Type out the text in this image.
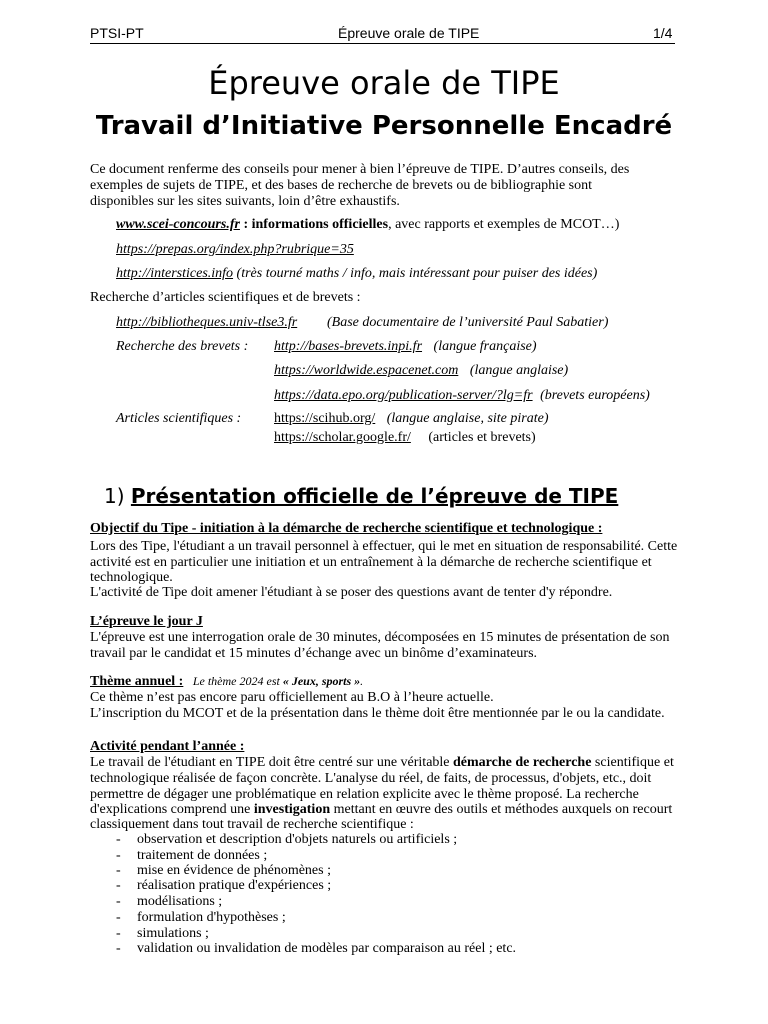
PTSI-PT	Épreuve orale de TIPE	1/4
Épreuve orale de TIPE
Travail d’Initiative Personnelle Encadré
Ce document renferme des conseils pour mener à bien l’épreuve de TIPE. D’autres conseils, des
exemples de sujets de TIPE, et des bases de recherche de brevets ou de bibliographie sont
disponibles sur les sites suivants, loin d’être exhaustifs.
www.scei-concours.fr : informations officielles, avec rapports et exemples de MCOT…)
https://prepas.org/index.php?rubrique=35
http://interstices.info (très tourné maths / info, mais intéressant pour puiser des idées)
Recherche d’articles scientifiques et de brevets :
http://bibliotheques.univ-tlse3.fr (Base documentaire de l’université Paul Sabatier)
Recherche des brevets : http://bases-brevets.inpi.fr (langue française)
https://worldwide.espacenet.com (langue anglaise)
https://data.epo.org/publication-server/?lg=fr (brevets européens)
Articles scientifiques : https://scihub.org/ (langue anglaise, site pirate)
https://scholar.google.fr/ (articles et brevets)
1) Présentation officielle de l’épreuve de TIPE
Objectif du Tipe - initiation à la démarche de recherche scientifique et technologique :
Lors des Tipe, l'étudiant a un travail personnel à effectuer, qui le met en situation de responsabilité. Cette
activité est en particulier une initiation et un entraînement à la démarche de recherche scientifique et
technologique.
L'activité de Tipe doit amener l'étudiant à se poser des questions avant de tenter d'y répondre.
L’épreuve le jour J
L'épreuve est une interrogation orale de 30 minutes, décomposées en 15 minutes de présentation de son
travail par le candidat et 15 minutes d’échange avec un binôme d’examinateurs.
Thème annuel : Le thème 2024 est « Jeux, sports ».
Ce thème n’est pas encore paru officiellement au B.O à l’heure actuelle.
L’inscription du MCOT et de la présentation dans le thème doit être mentionnée par le ou la candidate.
Activité pendant l’année :
Le travail de l'étudiant en TIPE doit être centré sur une véritable démarche de recherche scientifique et
technologique réalisée de façon concrète. L'analyse du réel, de faits, de processus, d'objets, etc., doit
permettre de dégager une problématique en relation explicite avec le thème proposé. La recherche
d'explications comprend une investigation mettant en œuvre des outils et méthodes auxquels on recourt
classiquement dans tout travail de recherche scientifique :
- observation et description d'objets naturels ou artificiels ;
- traitement de données ;
- mise en évidence de phénomènes ;
- réalisation pratique d'expériences ;
- modélisations ;
- formulation d'hypothèses ;
- simulations ;
- validation ou invalidation de modèles par comparaison au réel ; etc.
